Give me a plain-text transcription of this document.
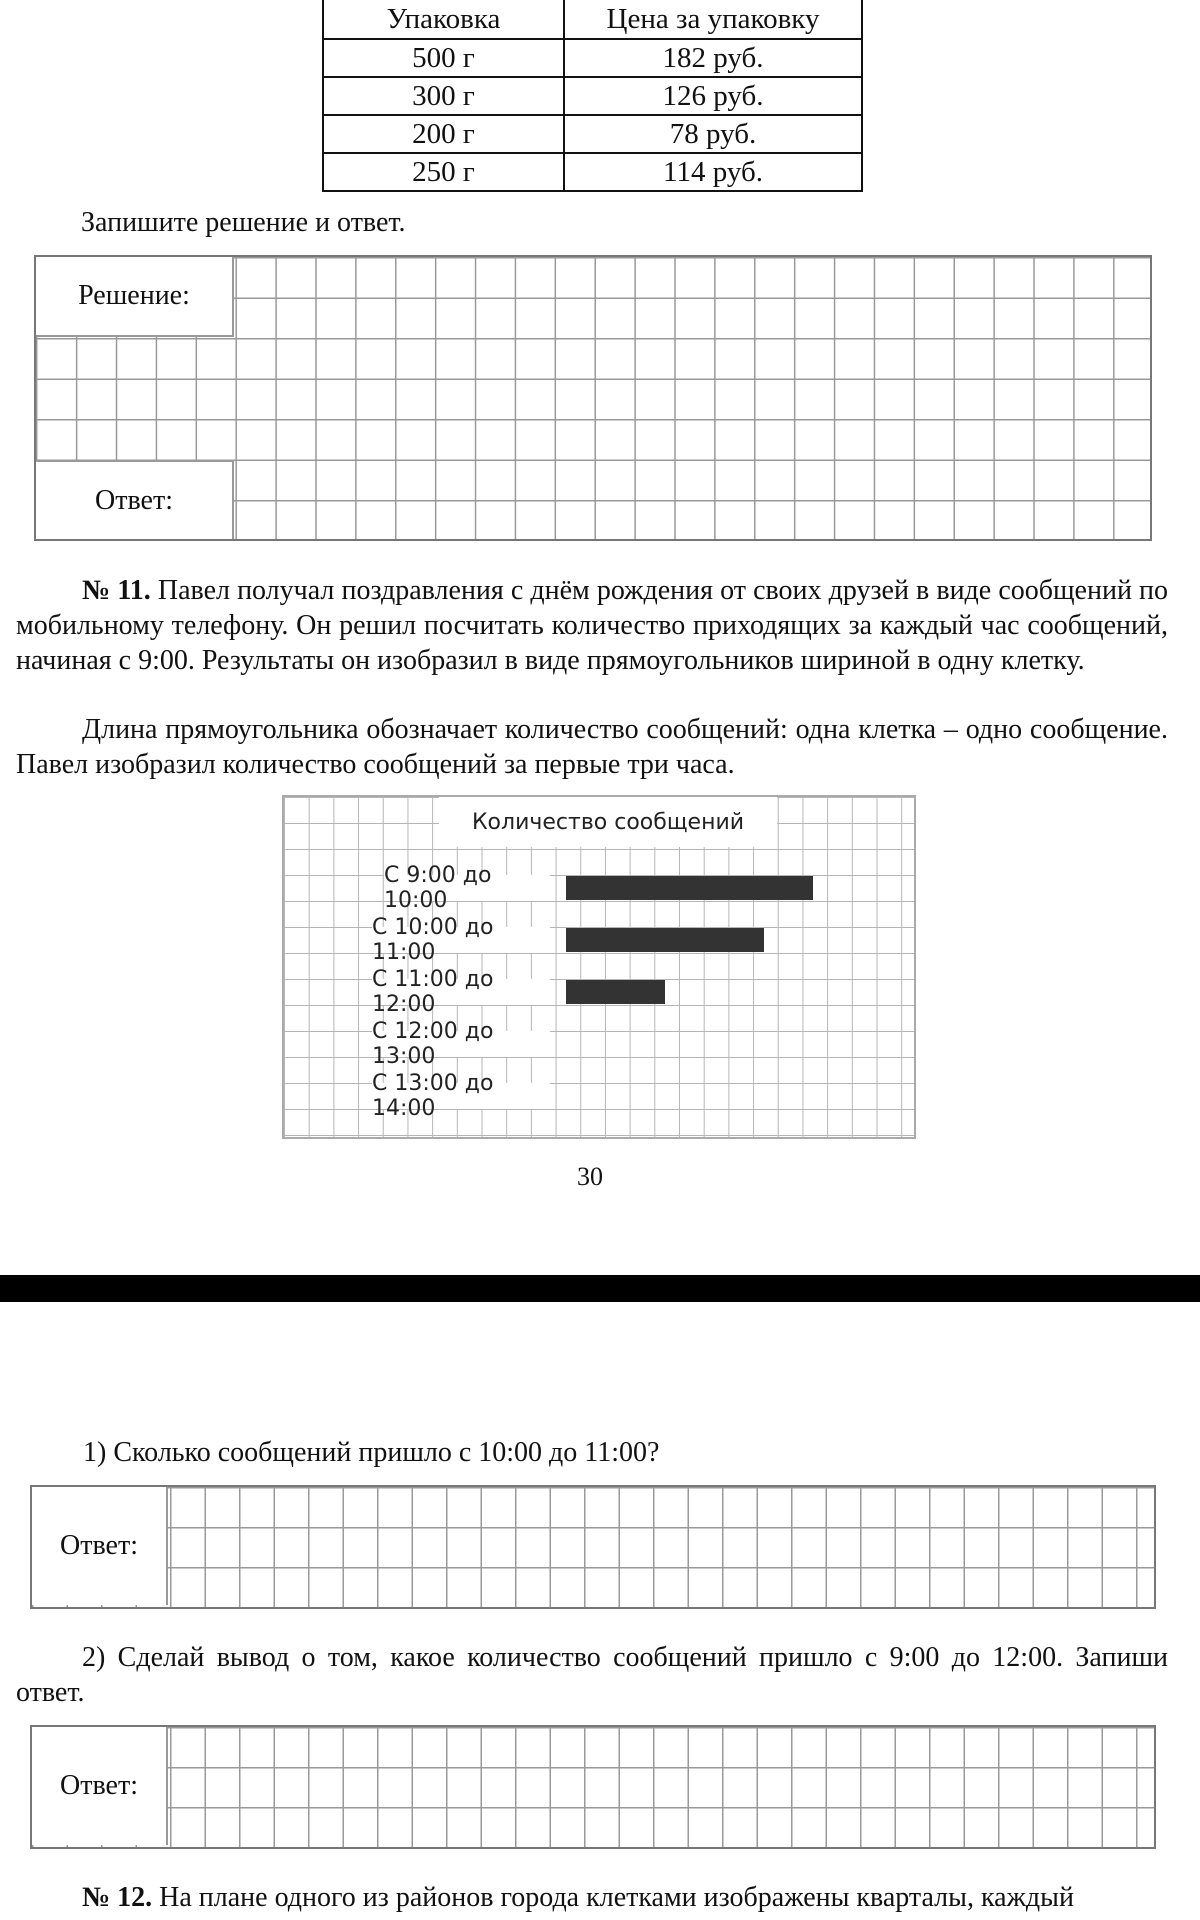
Упаковка	Цена за упаковку
500 г	182 руб.
300 г	126 руб.
200 г	78 руб.
250 г	114 руб.
Запишите решение и ответ.
Решение:
Ответ:
№ 11. Павел получал поздравления с днём рождения от своих друзей в виде сообщений по мобильному телефону. Он решил посчитать количество приходящих за каждый час сообщений, начиная с 9:00. Результаты он изобразил в виде прямоугольников шириной в одну клетку.
Длина прямоугольника обозначает количество сообщений: одна клетка – одно сообщение. Павел изобразил количество сообщений за первые три часа.
Количество сообщений
С 9:00 до 10:00
С 10:00 до 11:00
С 11:00 до 12:00
С 12:00 до 13:00
С 13:00 до 14:00
30
1) Сколько сообщений пришло с 10:00 до 11:00?
Ответ:
2) Сделай вывод о том, какое количество сообщений пришло с 9:00 до 12:00. Запиши ответ.
Ответ:
№ 12. На плане одного из районов города клетками изображены кварталы, каждый
